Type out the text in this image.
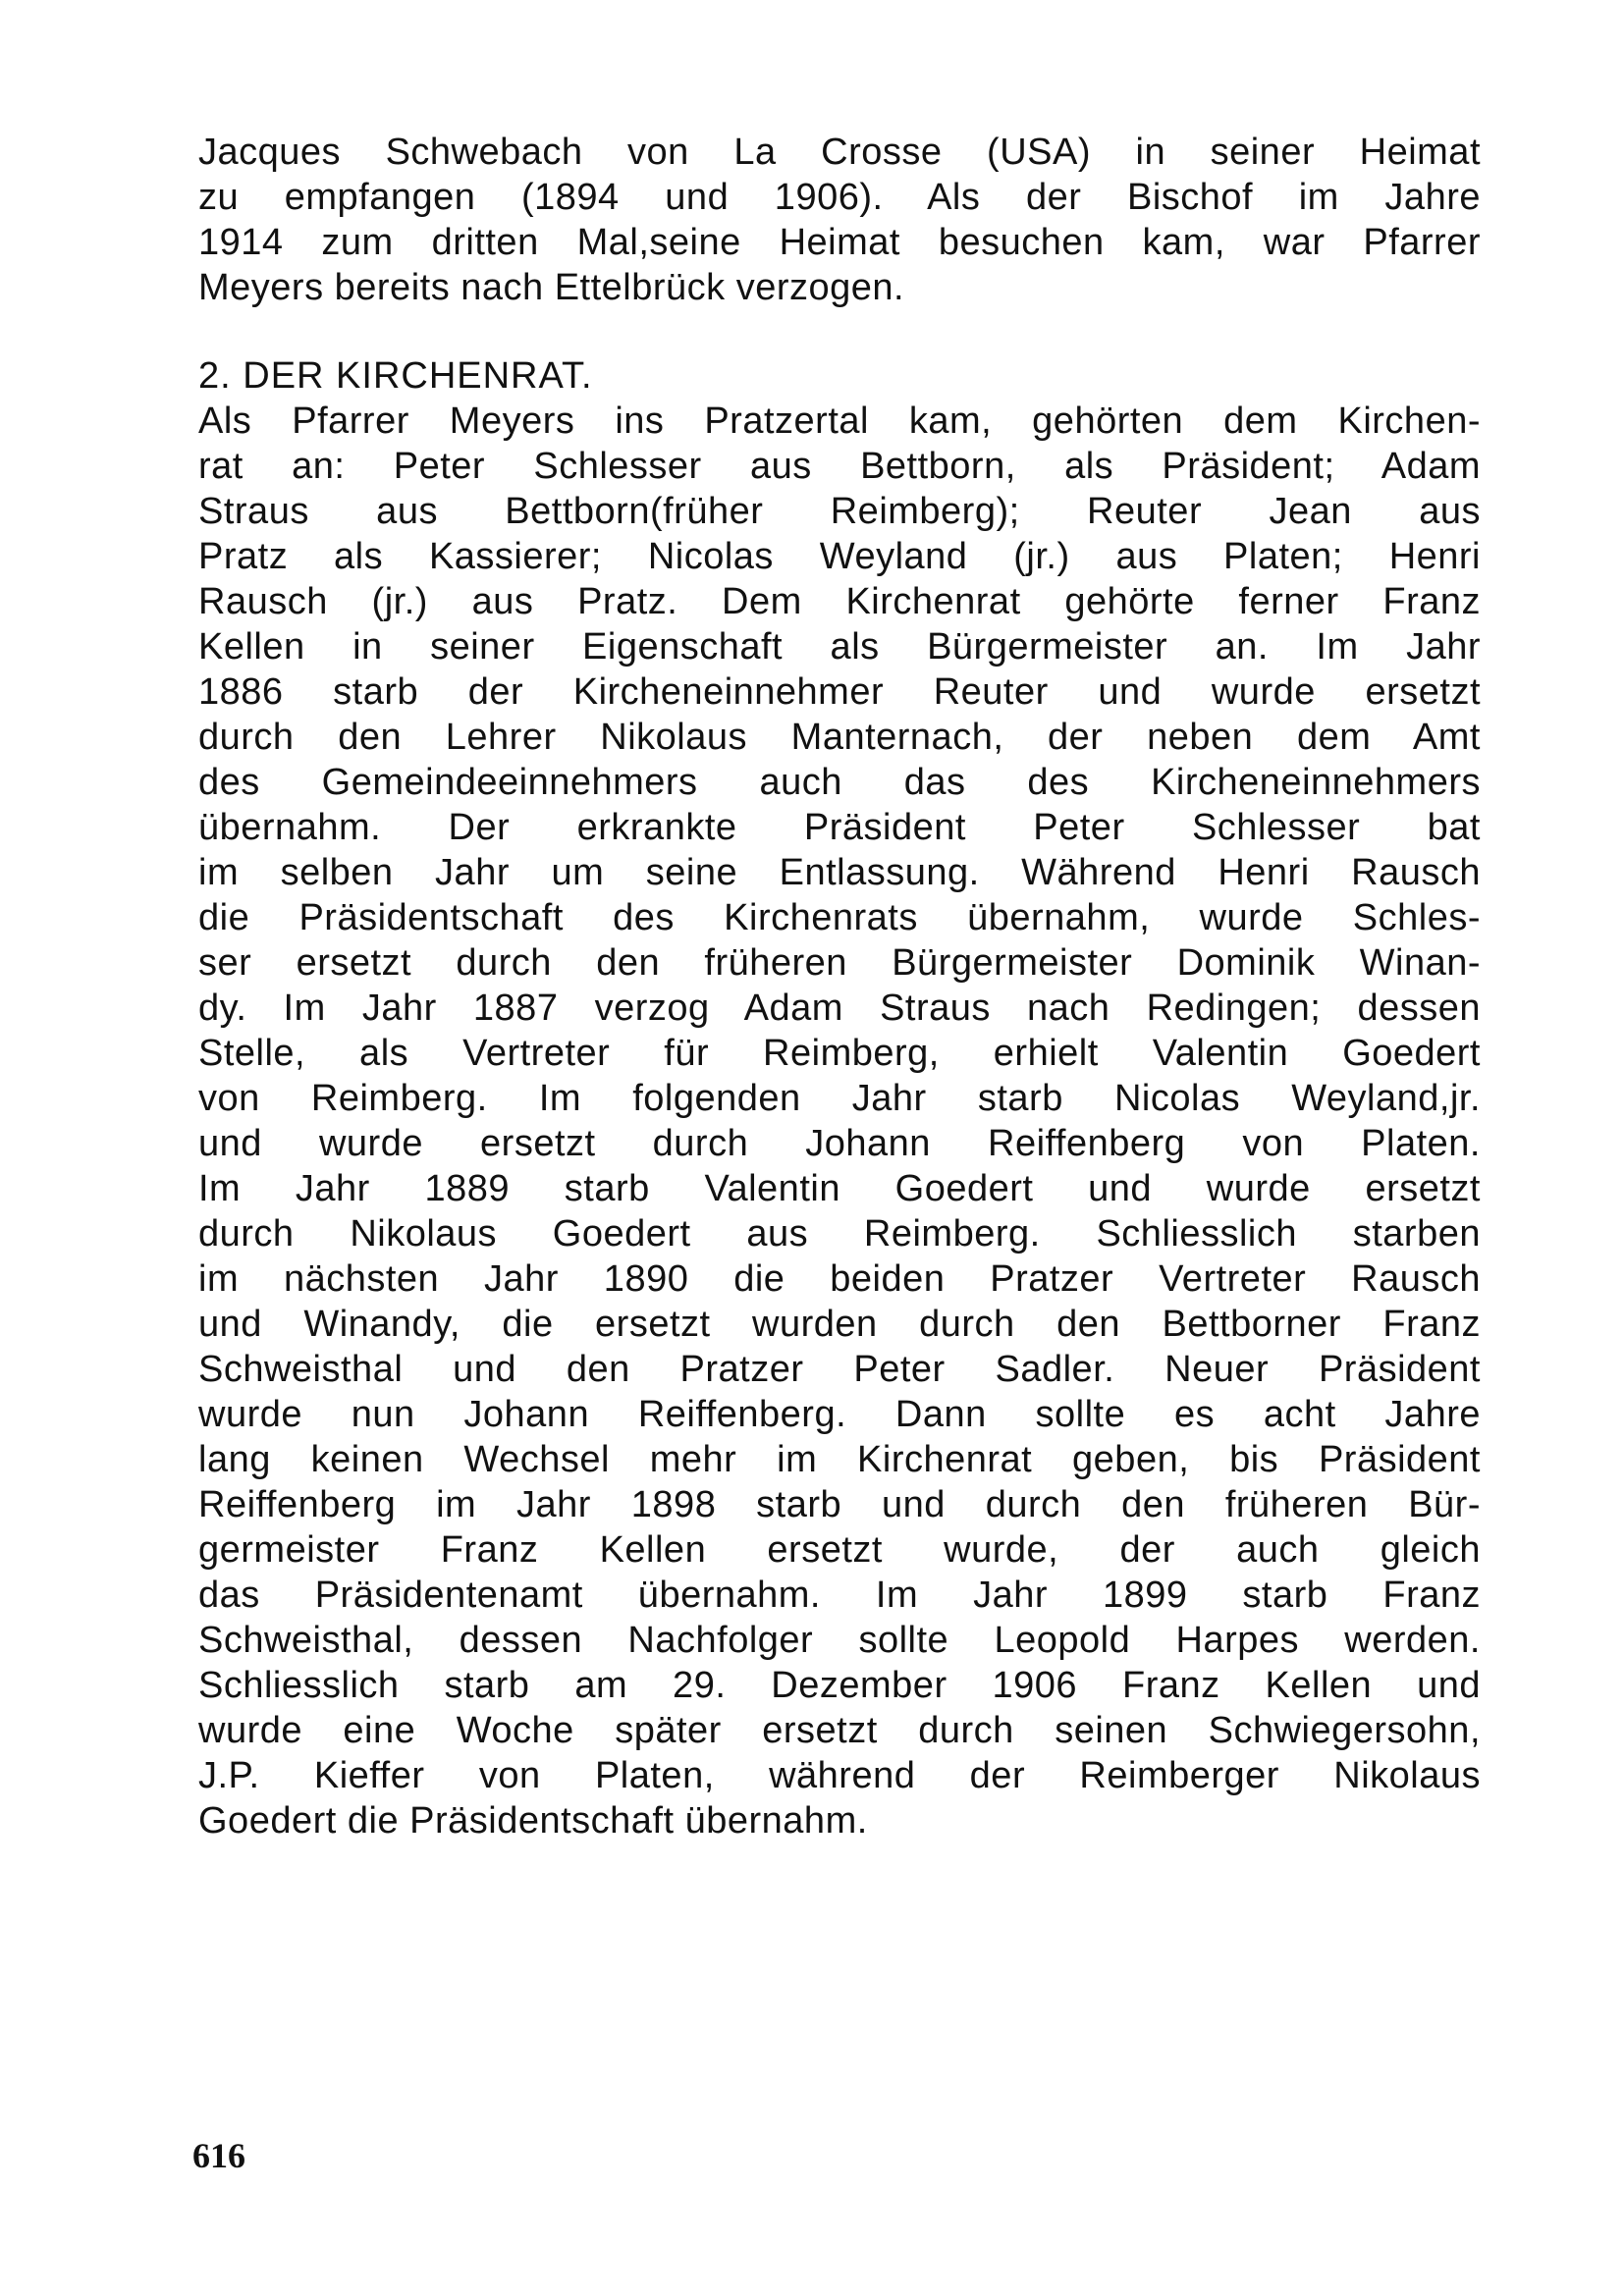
Jacques Schwebach von La Crosse (USA) in seiner Heimat
zu empfangen (1894 und 1906). Als der Bischof im Jahre
1914 zum dritten Mal,seine Heimat besuchen kam, war Pfarrer
Meyers bereits nach Ettelbrück verzogen.
2. DER KIRCHENRAT.
Als Pfarrer Meyers ins Pratzertal kam, gehörten dem Kirchen-
rat an: Peter Schlesser aus Bettborn, als Präsident; Adam
Straus aus Bettborn(früher Reimberg); Reuter Jean aus
Pratz als Kassierer; Nicolas Weyland (jr.) aus Platen; Henri
Rausch (jr.) aus Pratz. Dem Kirchenrat gehörte ferner Franz
Kellen in seiner Eigenschaft als Bürgermeister an. Im Jahr
1886 starb der Kircheneinnehmer Reuter und wurde ersetzt
durch den Lehrer Nikolaus Manternach, der neben dem Amt
des Gemeindeeinnehmers auch das des Kircheneinnehmers
übernahm. Der erkrankte Präsident Peter Schlesser bat
im selben Jahr um seine Entlassung. Während Henri Rausch
die Präsidentschaft des Kirchenrats übernahm, wurde Schles-
ser ersetzt durch den früheren Bürgermeister Dominik Winan-
dy. Im Jahr 1887 verzog Adam Straus nach Redingen; dessen
Stelle, als Vertreter für Reimberg, erhielt Valentin Goedert
von Reimberg. Im folgenden Jahr starb Nicolas Weyland,jr.
und wurde ersetzt durch Johann Reiffenberg von Platen.
Im Jahr 1889 starb Valentin Goedert und wurde ersetzt
durch Nikolaus Goedert aus Reimberg. Schliesslich starben
im nächsten Jahr 1890 die beiden Pratzer Vertreter Rausch
und Winandy, die ersetzt wurden durch den Bettborner Franz
Schweisthal und den Pratzer Peter Sadler. Neuer Präsident
wurde nun Johann Reiffenberg. Dann sollte es acht Jahre
lang keinen Wechsel mehr im Kirchenrat geben, bis Präsident
Reiffenberg im Jahr 1898 starb und durch den früheren Bür-
germeister Franz Kellen ersetzt wurde, der auch gleich
das Präsidentenamt übernahm. Im Jahr 1899 starb Franz
Schweisthal, dessen Nachfolger sollte Leopold Harpes werden.
Schliesslich starb am 29. Dezember 1906 Franz Kellen und
wurde eine Woche später ersetzt durch seinen Schwiegersohn,
J.P. Kieffer von Platen, während der Reimberger Nikolaus
Goedert die Präsidentschaft übernahm.
616
